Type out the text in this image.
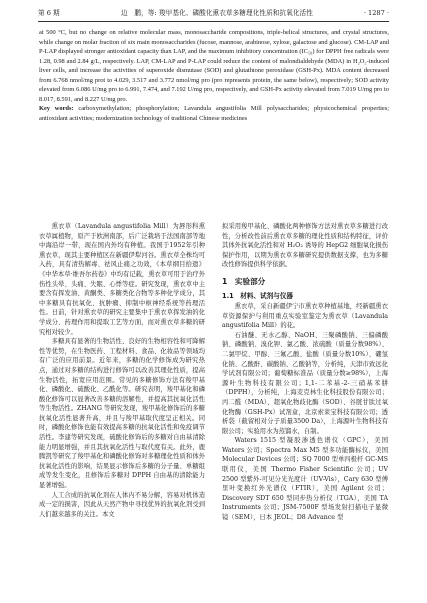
第 6 期	边　鹏，等: 羧甲基化、磷酸化熏衣草多糖理化性质和抗氧化活性	· 1287 ·

at 500 °C, but no change on relative molecular mass, monosaccharide compositions, triple-helical structures, and crystal structures, while change on molar fraction of six main monosaccharides (fucose, mannose, arabinose, xylose, galactose and glucose). CM-LAP and P-LAP displayed stronger antioxidant capacity than LAP, and the maximum inhibitory concentration (IC₅₀) for DPPH free radicals were 1.28, 0.98 and 2.84 g/L, respectively. LAP, CM-LAP and P-LAP could reduce the content of malondialdehyde (MDA) in H₂O₂-induced liver cells, and increase the activities of superoxide dismutase (SOD) and glutathione peroxidase (GSH-Px). MDA content decreased from 6.768 nmol/mg prot to 4.029, 3.517 and 3.772 nmol/mg pro (pro represents protein, the same below), respectively; SOD activity elevated from 6.086 U/mg pro to 6.991, 7.474, and 7.192 U/mg pro, respectively, and GSH-Px activity elevated from 7.019 U/mg pro to 8.017, 8.591, and 8.227 U/mg pro.

Key words: carboxymethylation; phosphorylation; Lavandula angustifolia Mill polysaccharides; physicochemical properties; antioxidant activities; modernization technology of traditional Chinese medicines

熏衣草（Lavandula angustifolia Mill）为唇形科熏衣草属植物，原产于欧洲南部，后广泛栽培于法国南部等地中海沿岸一带，现在国内外均有种植。我国于1952年引种熏衣草，现其主要种植区在新疆伊犁河谷。熏衣草全株均可入药，具有清热解毒、祛风止痛之功效，《本草纲目拾遗》《中华本草·维吾尔药卷》中均有记载，熏衣草可用于治疗外伤性头晕、头痛、失眠、心悸等症。研究发现，熏衣草中主要含有挥发油、黄酮类、多糖类化合物等多种化学成分，其中多糖具有抗氧化、抗肿瘤、抑制中枢神经系统等药理活性。日前，针对熏衣草的研究主要集中于熏衣草挥发油的化学成分、药理作用和提取工艺等方面，而对熏衣草多糖的研究相对较少。

多糖具有显著的生物活性、良好的生物相容性和可降解性等优势，在生物医药、工程材料、食品、化妆品等领域均有广泛的应用前景。近年来，多糖的化学修饰成为研究热点，通过对多糖的结构进行修饰可以改善其理化性质，提高生物活性，拓宽应用范围。常见的多糖修饰方法有羧甲基化、磷酸化、硫酸化、乙酰化等。研究表明，羧甲基化和磷酸化修饰可以显著改善多糖的溶解性，并提高其抗氧化活性等生物活性。ZHANG 等研究发现，羧甲基化修饰后的多糖抗氧化活性显著升高，并且与羧甲基取代度呈正相关。同时，磷酸化修饰也能有效提高多糖的抗氧化活性和免疫调节活性。李建等研究发现，硫酸化修饰后的多糖对自由基清除能力明显增强，并且其抗氧化活性与取代度有关。此外，鹿腾凯等研究了羧甲基化和磷酸化修饰对多糖理化性质和体外抗氧化活性的影响，结果显示修饰后多糖的分子量、单糖组成等发生变化，且修饰后多糖对 DPPH 自由基的清除能力显著增强。

人工合成的抗氧化剂在人体内不易分解，容易对机体造成一定的损害，因此从天然产物中寻找优异的抗氧化剂受到人们越来越多的关注。本文

拟采用羧甲基化、磷酸化两种修饰方法对熏衣草多糖进行改性，分析改性前后熏衣草多糖的理化性质和结构特征，评价其体外抗氧化活性和对 H₂O₂ 诱导的 HepG2 细胞氧化损伤保护作用，以期为熏衣草多糖研究提供数据支撑，也为多糖改性修饰提供科学依据。

1　实验部分
1.1　材料、试剂与仪器

熏衣草，采自新疆伊宁市熏衣草种植基地，经新疆熏衣草资源保护与利用重点实验室鉴定为熏衣草（Lavandula angustifolia Mill）的花。

石油醚、无水乙醇、NaOH、三聚磷酸钠、三偏磷酸钠、磷酸钠、溴化钾、氯乙酸、浓硫酸（质量分数98%）、二氯甲烷、甲醇、三氟乙酸、盐酸（质量分数10%）、硼氢化钠、乙酸酐、碳酸钠、乙酸钠等，分析纯，天津市致远化学试剂有限公司；葡萄糖标准品（质量分数≥98%），上海源叶生物科技有限公司；1,1-二苯基-2-三硝基苯肼（DPPH），分析纯，上海麦克林生化科技股份有限公司；丙二醛（MDA）、超氧化物歧化酶（SOD）、谷胱甘肽过氧化物酶（GSH-Px）试剂盒，北京索莱宝科技有限公司；透析袋（截留相对分子质量3500 Da），上海源叶生物科技有限公司；实验用水为蒸馏水，自制。

Waters 1515 型凝胶渗透色谱仪（GPC），美国 Waters 公司；Spectra Max M5 型多功能酶标仪，美国 Molecular Devices 公司；SQ 7000 型单四极杆 GC-MS 联用仪，美国 Thermo Fisher Scientific 公司；UV 2500 型紫外-可见分光光度计（UV-Vis），Cary 630 型傅里叶变换红外光谱仪（FTIR），美国 Agilent 公司；Discovery SDT 650 型同步热分析仪（TGA），美国 TA Instruments 公司；JSM-7500F 型场发射扫描电子显微镜（SEM），日本 JEOL；D8 Advance 型
